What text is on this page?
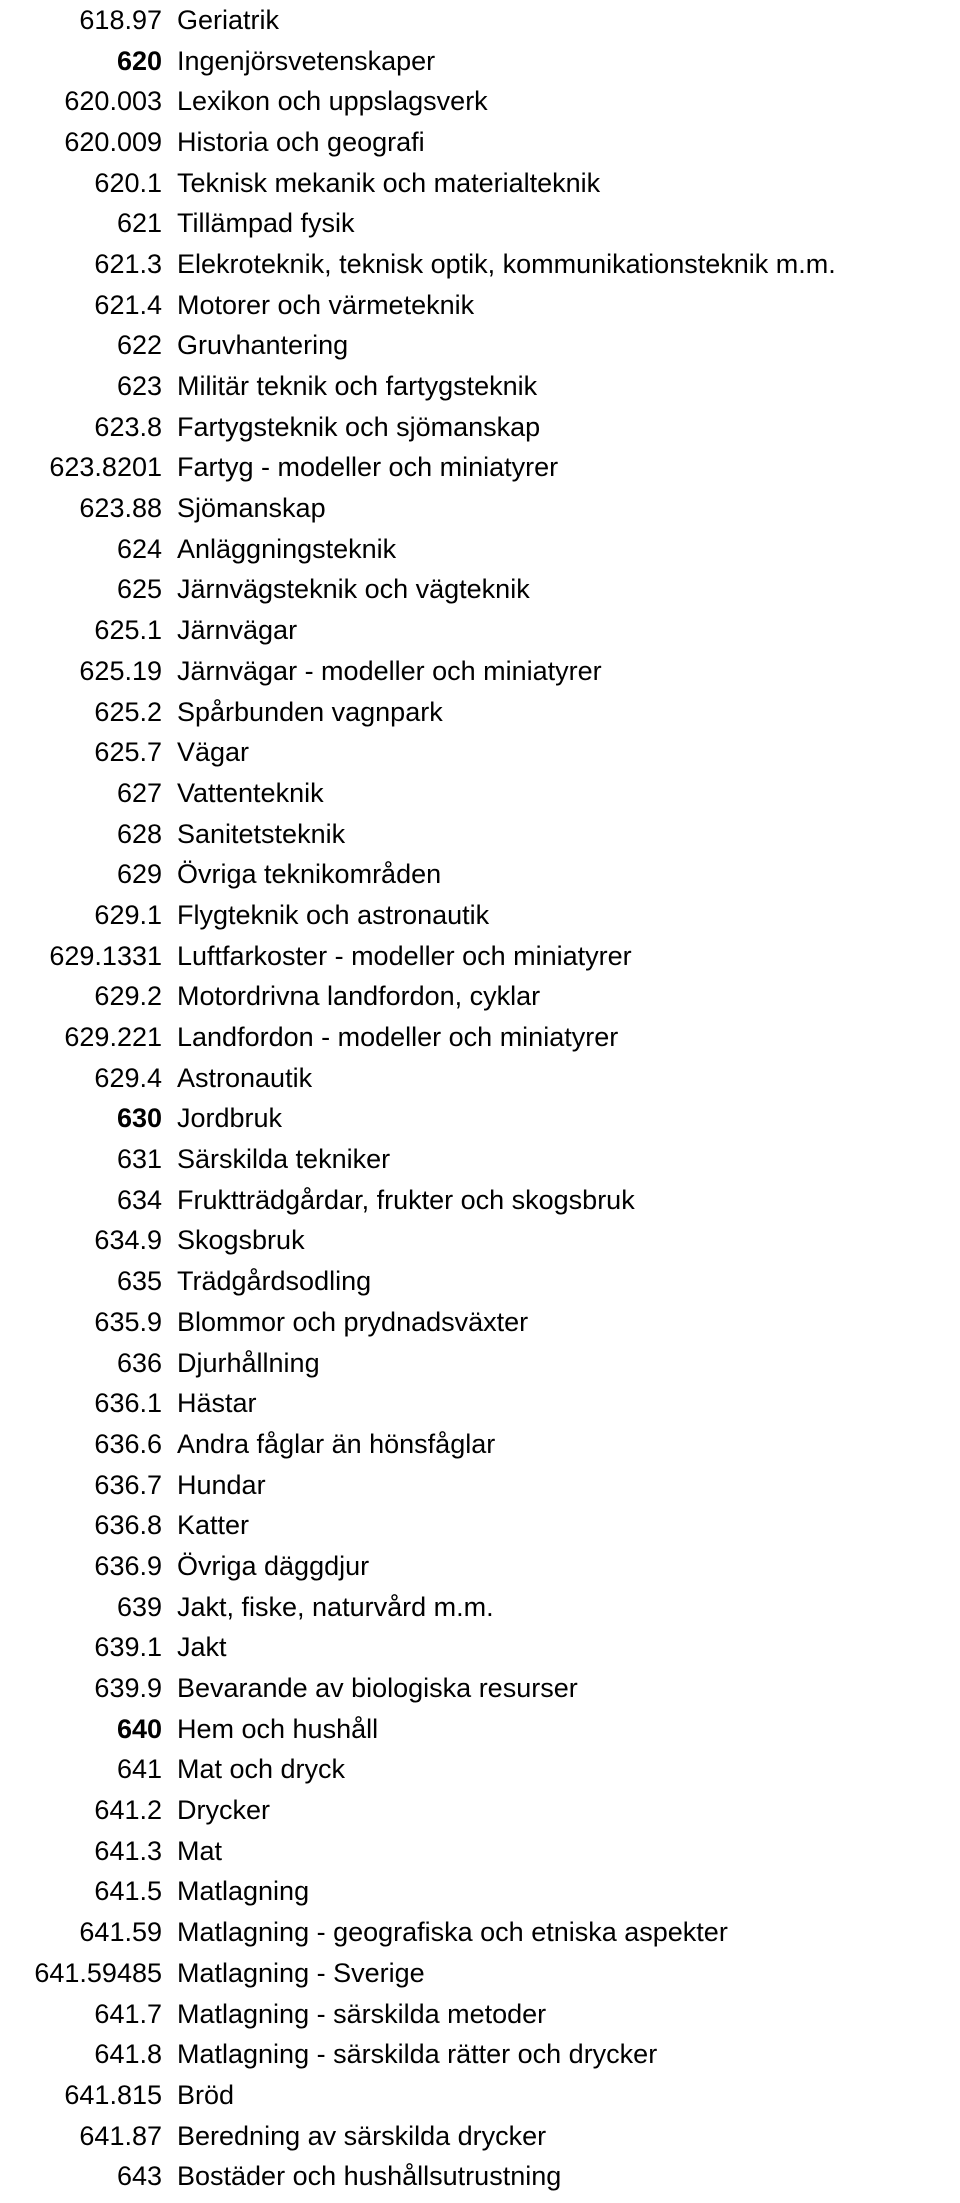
618.97 Geriatrik
620 Ingenjörsvetenskaper
620.003 Lexikon och uppslagsverk
620.009 Historia och geografi
620.1 Teknisk mekanik och materialteknik
621 Tillämpad fysik
621.3 Elekroteknik, teknisk optik, kommunikationsteknik m.m.
621.4 Motorer och värmeteknik
622 Gruvhantering
623 Militär teknik och fartygsteknik
623.8 Fartygsteknik och sjömanskap
623.8201 Fartyg - modeller och miniatyrer
623.88 Sjömanskap
624 Anläggningsteknik
625 Järnvägsteknik och vägteknik
625.1 Järnvägar
625.19 Järnvägar - modeller och miniatyrer
625.2 Spårbunden vagnpark
625.7 Vägar
627 Vattenteknik
628 Sanitetsteknik
629 Övriga teknikområden
629.1 Flygteknik och astronautik
629.1331 Luftfarkoster - modeller och miniatyrer
629.2 Motordrivna landfordon, cyklar
629.221 Landfordon - modeller och miniatyrer
629.4 Astronautik
630 Jordbruk
631 Särskilda tekniker
634 Fruktträdgårdar, frukter och skogsbruk
634.9 Skogsbruk
635 Trädgårdsodling
635.9 Blommor och prydnadsväxter
636 Djurhållning
636.1 Hästar
636.6 Andra fåglar än hönsfåglar
636.7 Hundar
636.8 Katter
636.9 Övriga däggdjur
639 Jakt, fiske, naturvård m.m.
639.1 Jakt
639.9 Bevarande av biologiska resurser
640 Hem och hushåll
641 Mat och dryck
641.2 Drycker
641.3 Mat
641.5 Matlagning
641.59 Matlagning - geografiska och etniska aspekter
641.59485 Matlagning - Sverige
641.7 Matlagning - särskilda metoder
641.8 Matlagning - särskilda rätter och drycker
641.815 Bröd
641.87 Beredning av särskilda drycker
643 Bostäder och hushållsutrustning
